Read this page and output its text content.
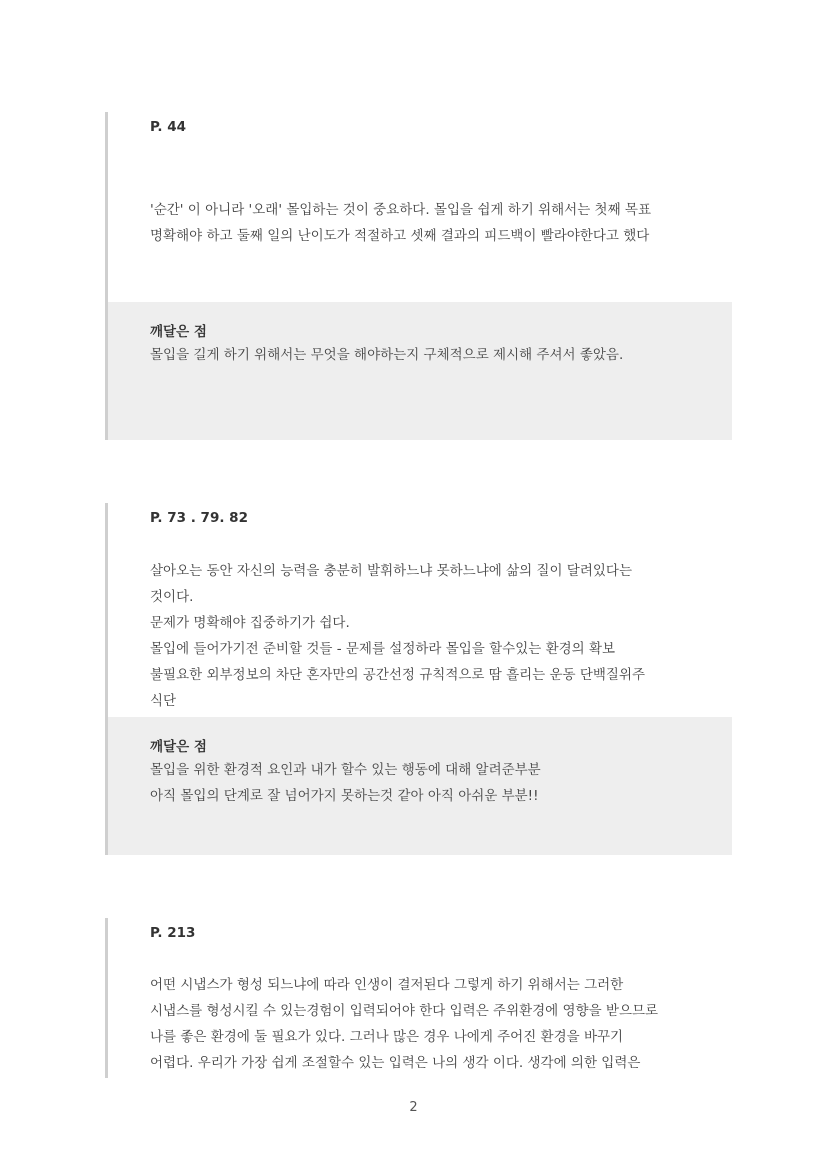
P. 44
'순간' 이 아니라 '오래' 몰입하는 것이 중요하다. 몰입을 쉽게 하기 위해서는 첫째 목표
명확해야 하고 둘째 일의 난이도가 적절하고 셋째 결과의 피드백이 빨라야한다고 했다
깨달은 점
몰입을 길게 하기 위해서는 무엇을 해야하는지 구체적으로 제시해 주셔서 좋았음.
P. 73 . 79. 82
살아오는 동안 자신의 능력을 충분히 발휘하느냐 못하느냐에 삶의 질이 달려있다는
것이다.
문제가 명확해야 집중하기가 쉽다.
몰입에 들어가기전 준비할 것들 - 문제를 설정하라 몰입을 할수있는 환경의 확보
불필요한 외부정보의 차단 혼자만의 공간선정 규칙적으로 땀 흘리는 운동 단백질위주
식단
깨달은 점
몰입을 위한 환경적 요인과 내가 할수 있는 행동에 대해 알려준부분
아직 몰입의 단계로 잘 넘어가지 못하는것 같아 아직 아쉬운 부분!!
P. 213
어떤 시냅스가 형성 되느냐에 따라 인생이 결저된다 그렇게 하기 위해서는 그러한
시냅스를 형성시킬 수 있는경험이 입력되어야 한다 입력은 주위환경에 영향을 받으므로
나를 좋은 환경에 둘 필요가 있다. 그러나 많은 경우 나에게 주어진 환경을 바꾸기
어렵다. 우리가 가장 쉽게 조절할수 있는 입력은 나의 생각 이다. 생각에 의한 입력은
2
